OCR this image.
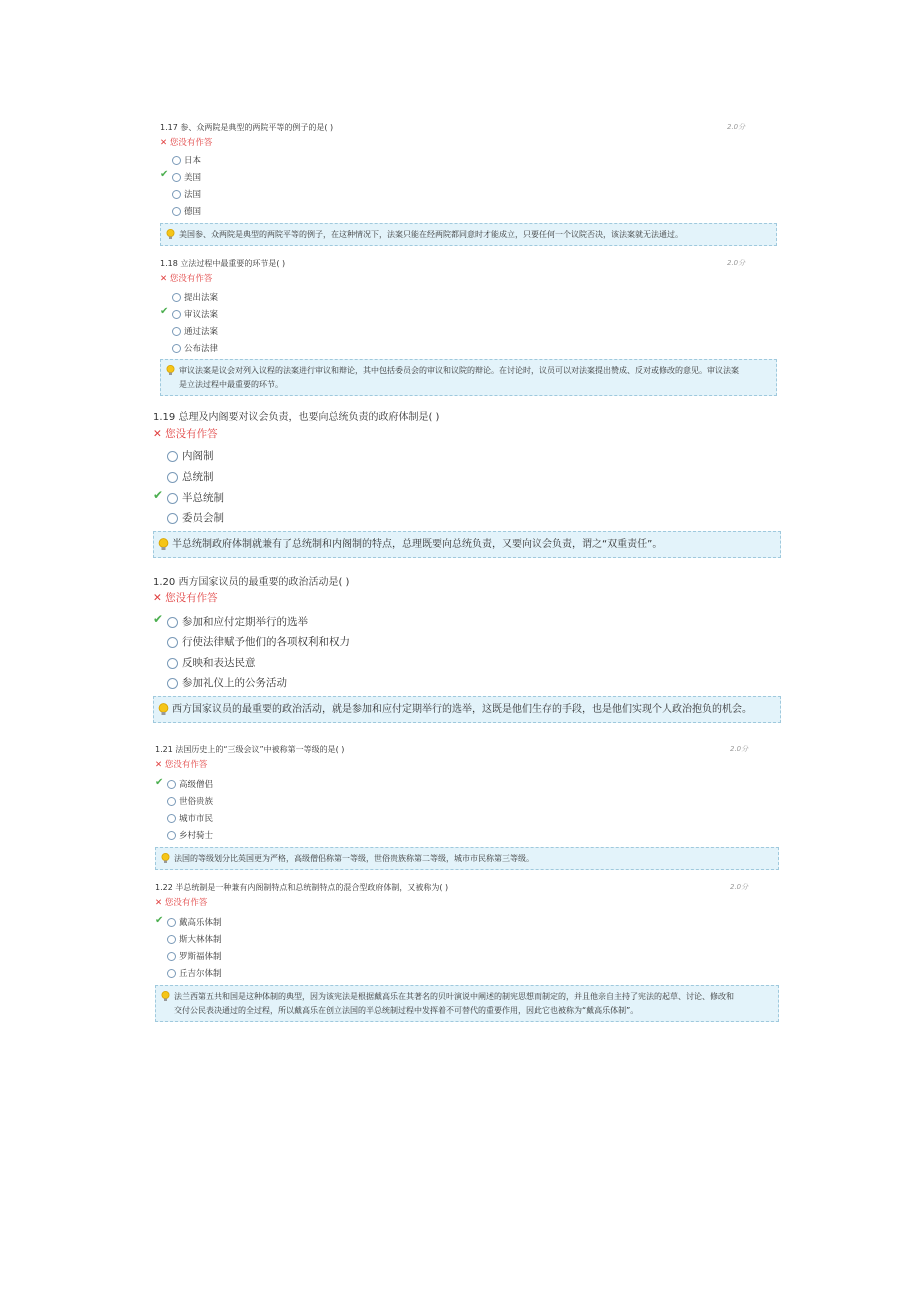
1.17 参、众两院是典型的两院平等的例子的是( )	2.0分
✕ 您没有作答
日本
✔	美国
法国
德国
美国参、众两院是典型的两院平等的例子，在这种情况下，法案只能在经两院都同意时才能成立，只要任何一个议院否决，该法案就无法通过。
1.18 立法过程中最重要的环节是( )	2.0分
✕ 您没有作答
提出法案
✔	审议法案
通过法案
公布法律
审议法案是议会对列入议程的法案进行审议和辩论，其中包括委员会的审议和议院的辩论。在讨论时，议员可以对法案提出赞成、反对或修改的意见。审议法案
是立法过程中最重要的环节。
1.19 总理及内阁要对议会负责，也要向总统负责的政府体制是( )
✕ 您没有作答
内阁制
总统制
✔	半总统制
委员会制
半总统制政府体制就兼有了总统制和内阁制的特点，总理既要向总统负责，又要向议会负责，谓之“双重责任”。
1.20 西方国家议员的最重要的政治活动是( )
✕ 您没有作答
✔	参加和应付定期举行的选举
行使法律赋予他们的各项权利和权力
反映和表达民意
参加礼仪上的公务活动
西方国家议员的最重要的政治活动，就是参加和应付定期举行的选举，这既是他们生存的手段，也是他们实现个人政治抱负的机会。
1.21 法国历史上的“三级会议”中被称第一等级的是( )	2.0分
✕ 您没有作答
✔	高级僧侣
世俗贵族
城市市民
乡村骑士
法国的等级划分比英国更为严格，高级僧侣称第一等级，世俗贵族称第二等级，城市市民称第三等级。
1.22 半总统制是一种兼有内阁制特点和总统制特点的混合型政府体制，又被称为( )	2.0分
✕ 您没有作答
✔	戴高乐体制
斯大林体制
罗斯福体制
丘吉尔体制
法兰西第五共和国是这种体制的典型，因为该宪法是根据戴高乐在其著名的贝叶演说中阐述的制宪思想而制定的，并且他亲自主持了宪法的起草、讨论、修改和
交付公民表决通过的全过程，所以戴高乐在创立法国的半总统制过程中发挥着不可替代的重要作用，因此它也被称为“戴高乐体制”。
